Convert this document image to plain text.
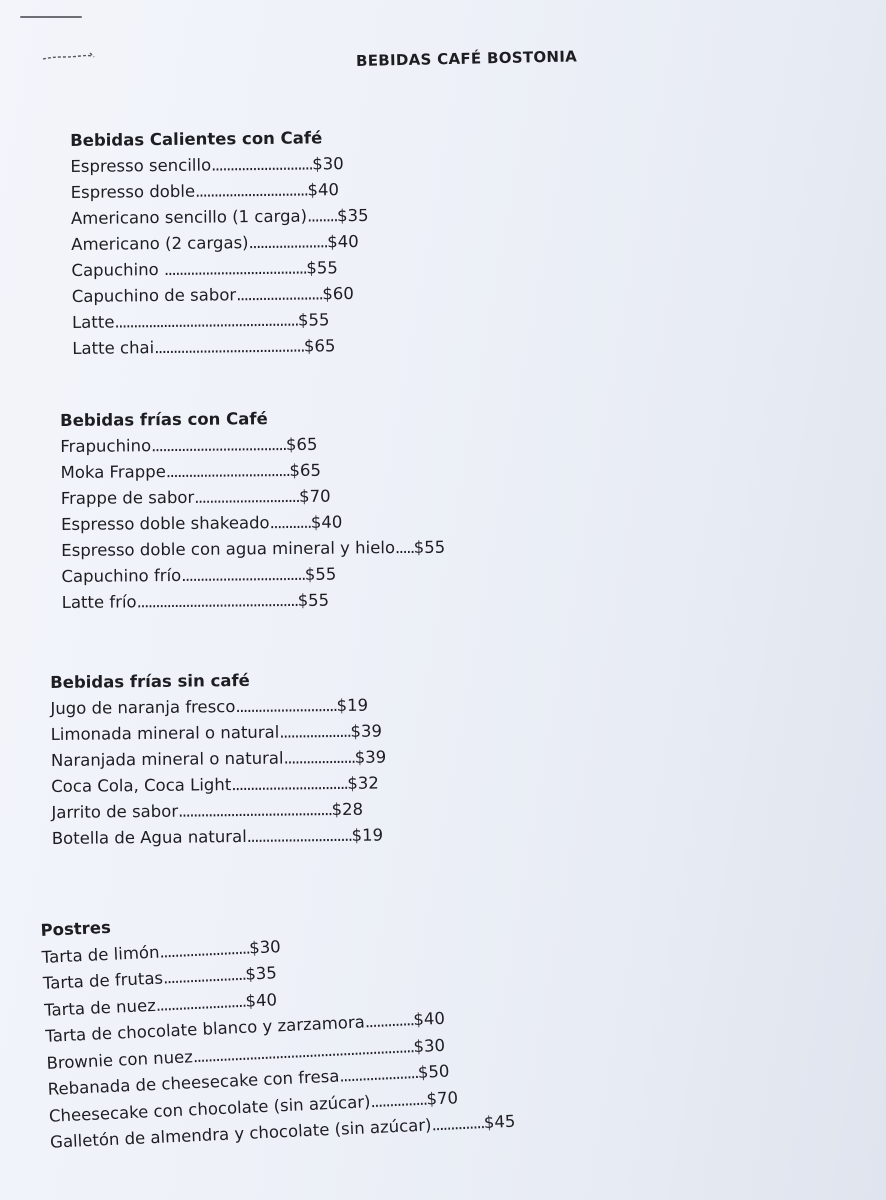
BEBIDAS CAFÉ BOSTONIA
Bebidas Calientes con Café
Espresso sencillo...........................$30
Espresso doble..............................$40
Americano sencillo (1 carga)........$35
Americano (2 cargas).....................$40
Capuchino ......................................$55
Capuchino de sabor.......................$60
Latte.................................................$55
Latte chai........................................$65
Bebidas frías con Café
Frapuchino....................................$65
Moka Frappe.................................$65
Frappe de sabor............................$70
Espresso doble shakeado...........$40
Espresso doble con agua mineral y hielo.....$55
Capuchino frío.................................$55
Latte frío...........................................$55
Bebidas frías sin café
Jugo de naranja fresco...........................$19
Limonada mineral o natural...................$39
Naranjada mineral o natural...................$39
Coca Cola, Coca Light...............................$32
Jarrito de sabor.........................................$28
Botella de Agua natural............................$19
Postres
Tarta de limón........................$30
Tarta de frutas......................$35
Tarta de nuez........................$40
Tarta de chocolate blanco y zarzamora.............$40
Brownie con nuez...........................................................$30
Rebanada de cheesecake con fresa.....................$50
Cheesecake con chocolate (sin azúcar)...............$70
Galletón de almendra y chocolate (sin azúcar)..............$45
